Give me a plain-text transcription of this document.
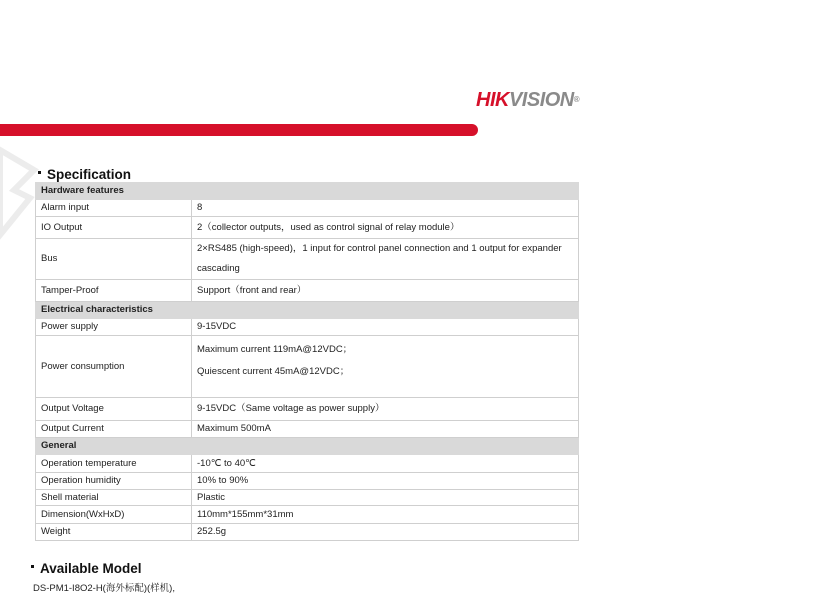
HIKVISION®
Specification
Hardware features	
Alarm input	8
IO Output	2（collector outputs，used as control signal of relay module）
Bus	2×RS485 (high-speed)，1 input for control panel connection and 1 output for expander cascading
Tamper-Proof	Support（front and rear）
Electrical characteristics	
Power supply	9-15VDC
Power consumption	Maximum current 119mA@12VDC；
Quiescent current 45mA@12VDC；

Output Voltage	9-15VDC（Same voltage as power supply）
Output Current	Maximum 500mA
General	
Operation temperature	-10℃ to 40℃
Operation humidity	10% to 90%
Shell material	Plastic
Dimension(WxHxD)	110mm*155mm*31mm
Weight	252.5g
Available Model
DS-PM1-I8O2-H(海外标配)(样机),
